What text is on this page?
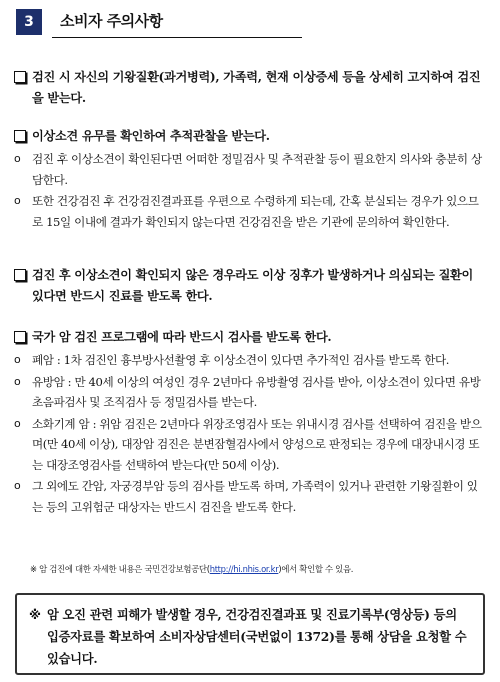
3	소비자 주의사항
검진 시 자신의 기왕질환(과거병력), 가족력, 현재 이상증세 등을 상세히 고지하여 검진을 받는다.
이상소견 유무를 확인하여 추적관찰을 받는다.
o 검진 후 이상소견이 확인된다면 어떠한 정밀검사 및 추적관찰 등이 필요한지 의사와 충분히 상담한다.
o 또한 건강검진 후 건강검진결과표를 우편으로 수령하게 되는데, 간혹 분실되는 경우가 있으므로 15일 이내에 결과가 확인되지 않는다면 건강검진을 받은 기관에 문의하여 확인한다.
검진 후 이상소견이 확인되지 않은 경우라도 이상 징후가 발생하거나 의심되는 질환이 있다면 반드시 진료를 받도록 한다.
국가 암 검진 프로그램에 따라 반드시 검사를 받도록 한다.
o 폐암 : 1차 검진인 흉부방사선촬영 후 이상소견이 있다면 추가적인 검사를 받도록 한다.
o 유방암 : 만 40세 이상의 여성인 경우 2년마다 유방촬영 검사를 받아, 이상소견이 있다면 유방초음파검사 및 조직검사 등 정밀검사를 받는다.
o 소화기계 암 : 위암 검진은 2년마다 위장조영검사 또는 위내시경 검사를 선택하여 검진을 받으며(만 40세 이상), 대장암 검진은 분변잠혈검사에서 양성으로 판정되는 경우에 대장내시경 또는 대장조영검사를 선택하여 받는다(만 50세 이상).
o 그 외에도 간암, 자궁경부암 등의 검사를 받도록 하며, 가족력이 있거나 관련한 기왕질환이 있는 등의 고위험군 대상자는 반드시 검진을 받도록 한다.
※ 암 검진에 대한 자세한 내용은 국민건강보험공단(http://hi.nhis.or.kr)에서 확인할 수 있음.
※ 암 오진 관련 피해가 발생할 경우, 건강검진결과표 및 진료기록부(영상등) 등의 입증자료를 확보하여 소비자상담센터(국번없이 1372)를 통해 상담을 요청할 수 있습니다.
